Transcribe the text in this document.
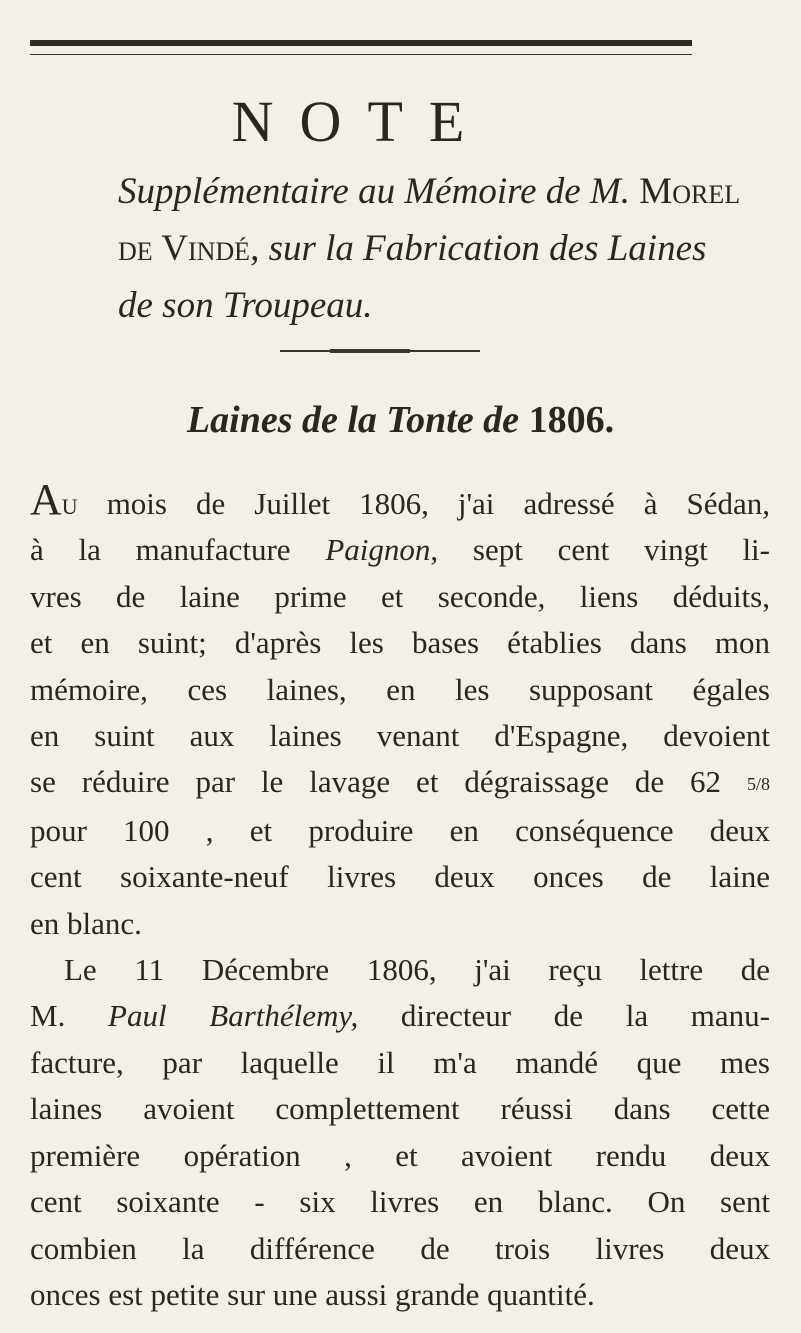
NOTE

Supplémentaire au Mémoire de M. Morel
de Vindé, sur la Fabrication des Laines
de son Troupeau.

Laines de la Tonte de 1806.
Au mois de Juillet 1806, j'ai adressé à Sédan,
à la manufacture Paignon, sept cent vingt li-
vres de laine prime et seconde, liens déduits,
et en suint; d'après les bases établies dans mon
mémoire, ces laines, en les supposant égales
en suint aux laines venant d'Espagne, devoient
se réduire par le lavage et dégraissage de 62 5/8
pour 100 , et produire en conséquence deux
cent soixante-neuf livres deux onces de laine
en blanc.
Le 11 Décembre 1806, j'ai reçu lettre de
M. Paul Barthélemy, directeur de la manu-
facture, par laquelle il m'a mandé que mes
laines avoient complettement réussi dans cette
première opération , et avoient rendu deux
cent soixante - six livres en blanc. On sent
combien la différence de trois livres deux
onces est petite sur une aussi grande quantité.
